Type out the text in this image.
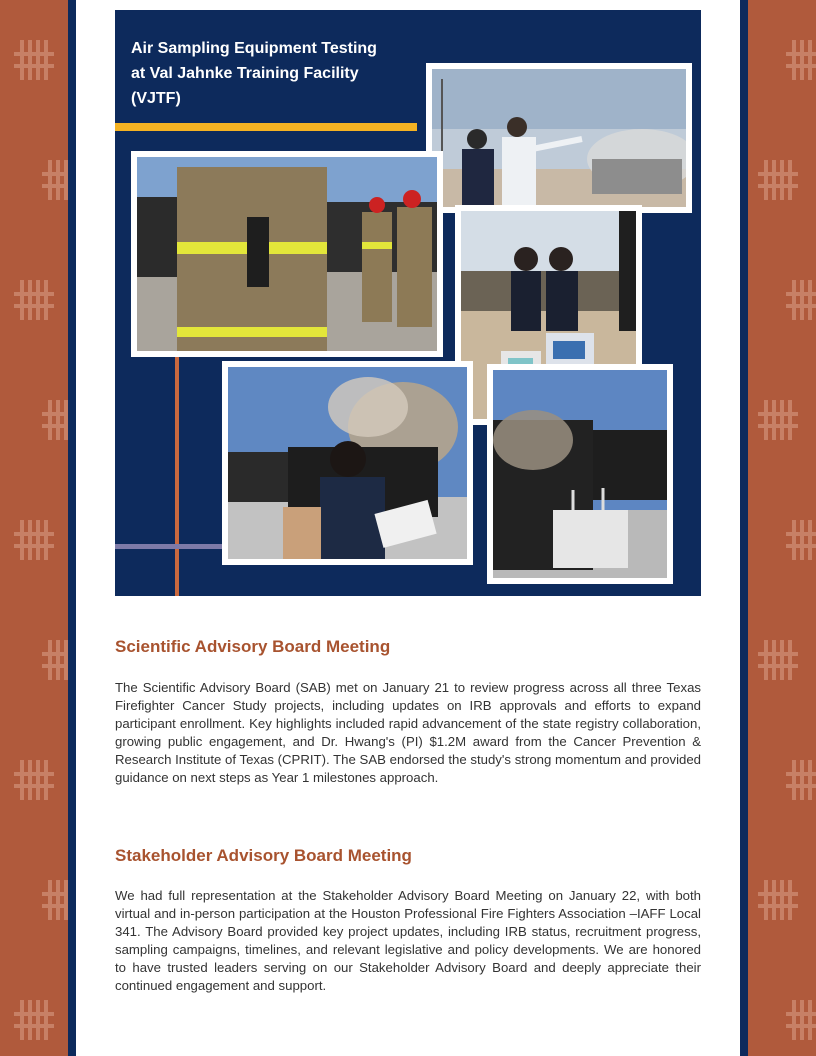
Air Sampling Equipment Testing
at Val Jahnke Training Facility
(VJTF)
Scientific Advisory Board Meeting

The Scientific Advisory Board (SAB) met on January 21 to review progress across all three Texas Firefighter Cancer Study projects, including updates on IRB approvals and efforts to expand participant enrollment. Key highlights included rapid advancement of the state registry collaboration, growing public engagement, and Dr. Hwang's (PI) $1.2M award from the Cancer Prevention & Research Institute of Texas (CPRIT). The SAB endorsed the study's strong momentum and provided guidance on next steps as Year 1 milestones approach.

Stakeholder Advisory Board Meeting

We had full representation at the Stakeholder Advisory Board Meeting on January 22, with both virtual and in-person participation at the Houston Professional Fire Fighters Association –IAFF Local 341. The Advisory Board provided key project updates, including IRB status, recruitment progress, sampling campaigns, timelines, and relevant legislative and policy developments. We are honored to have trusted leaders serving on our Stakeholder Advisory Board and deeply appreciate their continued engagement and support.
